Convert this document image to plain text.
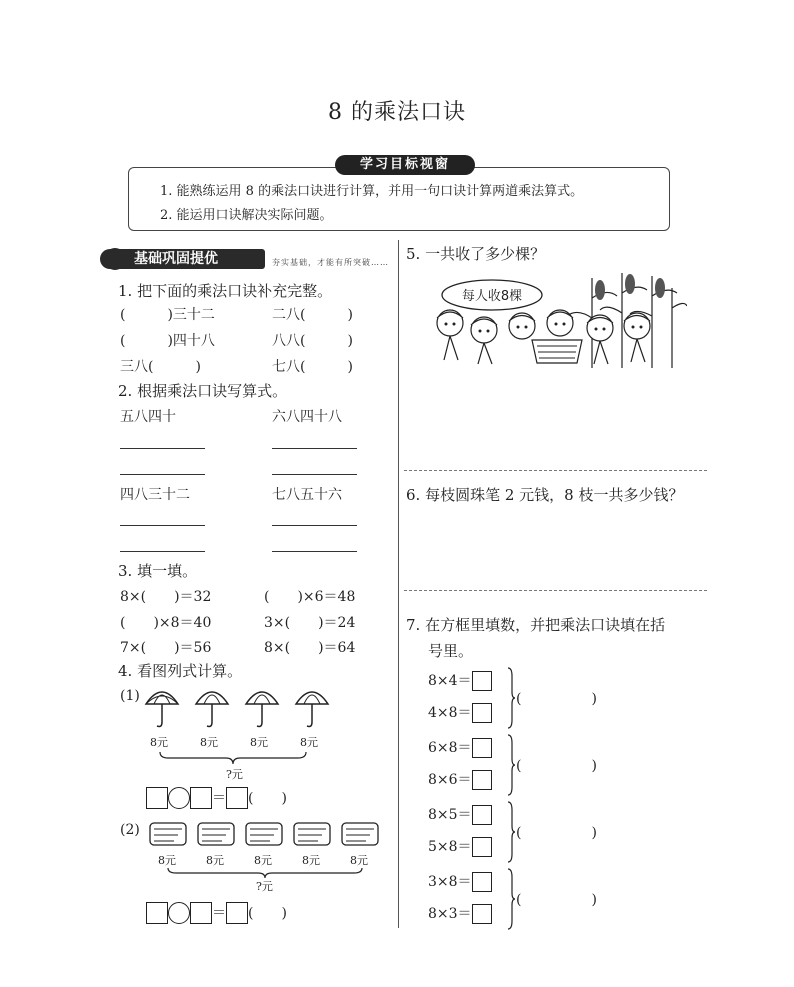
8 的乘法口诀
学习目标视窗
1. 能熟练运用 8 的乘法口诀进行计算，并用一句口诀计算两道乘法算式。
2. 能运用口诀解决实际问题。
基础巩固提优	夯实基础，才能有所突破……
1. 把下面的乘法口诀补充完整。
(　　　)三十二	二八(　　　)
(　　　)四十八	八八(　　　)
三八(　　　)	七八(　　　)
2. 根据乘法口诀写算式。
五八四十	六八四十八
四八三十二	七八五十六
3. 填一填。
8×(　　)＝32	(　　)×6＝48
(　　)×8＝40	3×(　　)＝24
7×(　　)＝56	8×(　　)＝64
4. 看图列式计算。
(1)
8元	8元	8元	8元
?元
＝ (　　)
(2)
8元	8元	8元	8元	8元
?元
＝ (　　)
5. 一共收了多少棵？
每人收8棵
6. 每枝圆珠笔 2 元钱，8 枝一共多少钱？
7. 在方框里填数，并把乘法口诀填在括
号里。
8×4＝
4×8＝
(　　　　　)
6×8＝
8×6＝
(　　　　　)
8×5＝
5×8＝
(　　　　　)
3×8＝
8×3＝
(　　　　　)
